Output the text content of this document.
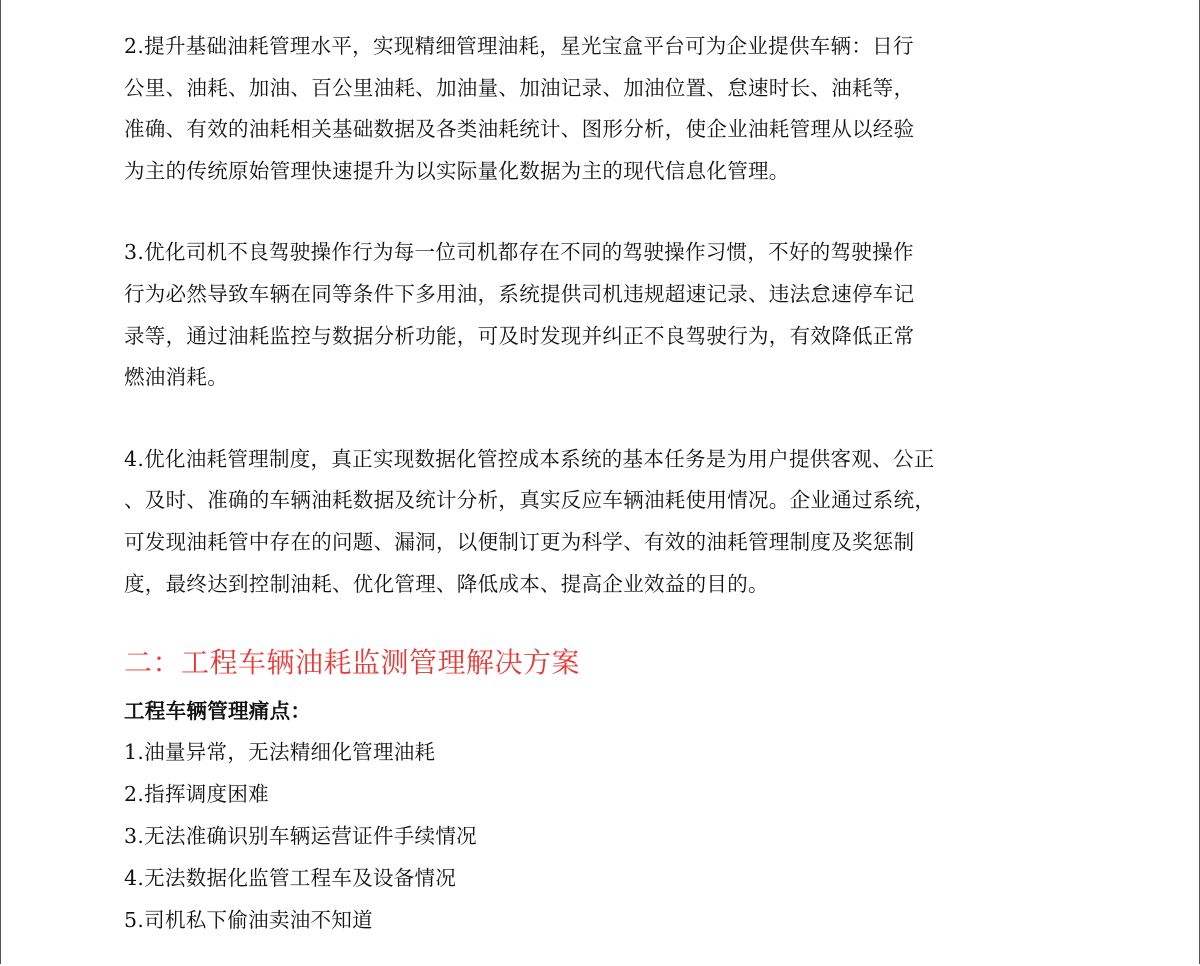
2.提升基础油耗管理水平，实现精细管理油耗，星光宝盒平台可为企业提供车辆：日行
公里、油耗、加油、百公里油耗、加油量、加油记录、加油位置、怠速时长、油耗等，
准确、有效的油耗相关基础数据及各类油耗统计、图形分析，使企业油耗管理从以经验
为主的传统原始管理快速提升为以实际量化数据为主的现代信息化管理。

3.优化司机不良驾驶操作行为每一位司机都存在不同的驾驶操作习惯，不好的驾驶操作
行为必然导致车辆在同等条件下多用油，系统提供司机违规超速记录、违法怠速停车记
录等，通过油耗监控与数据分析功能，可及时发现并纠正不良驾驶行为，有效降低正常
燃油消耗。

4.优化油耗管理制度，真正实现数据化管控成本系统的基本任务是为用户提供客观、公正
、及时、准确的车辆油耗数据及统计分析，真实反应车辆油耗使用情况。企业通过系统，
可发现油耗管中存在的问题、漏洞，以便制订更为科学、有效的油耗管理制度及奖惩制
度，最终达到控制油耗、优化管理、降低成本、提高企业效益的目的。

二：工程车辆油耗监测管理解决方案
工程车辆管理痛点：
1.油量异常，无法精细化管理油耗
2.指挥调度困难
3.无法准确识别车辆运营证件手续情况
4.无法数据化监管工程车及设备情况
5.司机私下偷油卖油不知道
